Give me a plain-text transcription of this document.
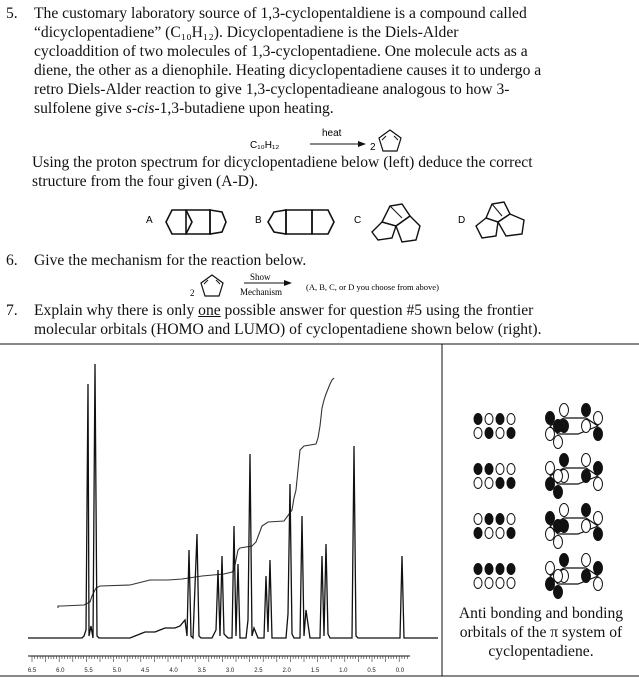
5. The customary laboratory source of 1,3-cyclopentaldiene is a compound called
“dicyclopentadiene” (C₁₀H₁₂). Dicyclopentadiene is the Diels-Alder
cycloaddition of two molecules of 1,3-cyclopentadiene. One molecule acts as a
diene, the other as a dienophile. Heating dicyclopentadiene causes it to undergo a
retro Diels-Alder reaction to give 1,3-cyclopentadieane analogous to how 3-
sulfolene give s-cis-1,3-butadiene upon heating.
C₁₀H₁₂
heat
2
Using the proton spectrum for dicyclopentadiene below (left) deduce the correct
structure from the four given (A-D).
A	B	C	D
6. Give the mechanism for the reaction below.
2
Show
Mechanism	(A, B, C, or D you choose from above)
7. Explain why there is only one possible answer for question #5 using the frontier
molecular orbitals (HOMO and LUMO) of cyclopentadiene shown below (right).
6.5	6.0	5.5	5.0	4.5	4.0	3.5	3.0	2.5	2.0	1.5	1.0	0.5	0.0
Anti bonding and bonding
orbitals of the π system of
cyclopentadiene.
